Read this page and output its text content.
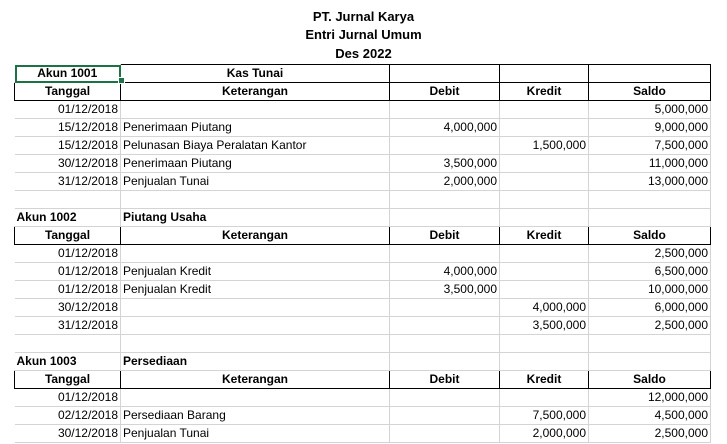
PT. Jurnal Karya
Entri Jurnal Umum
Des 2022
Akun 1001	Kas Tunai			
Tanggal	Keterangan	Debit	Kredit	Saldo
01/12/2018				5,000,000
15/12/2018	Penerimaan Piutang	4,000,000		9,000,000
15/12/2018	Pelunasan Biaya Peralatan Kantor		1,500,000	7,500,000
30/12/2018	Penerimaan Piutang	3,500,000		11,000,000
31/12/2018	Penjualan Tunai	2,000,000		13,000,000

Akun 1002	Piutang Usaha			
Tanggal	Keterangan	Debit	Kredit	Saldo
01/12/2018				2,500,000
01/12/2018	Penjualan Kredit	4,000,000		6,500,000
01/12/2018	Penjualan Kredit	3,500,000		10,000,000
30/12/2018			4,000,000	6,000,000
31/12/2018			3,500,000	2,500,000

Akun 1003	Persediaan			
Tanggal	Keterangan	Debit	Kredit	Saldo
01/12/2018				12,000,000
02/12/2018	Persediaan Barang		7,500,000	4,500,000
30/12/2018	Penjualan Tunai		2,000,000	2,500,000
